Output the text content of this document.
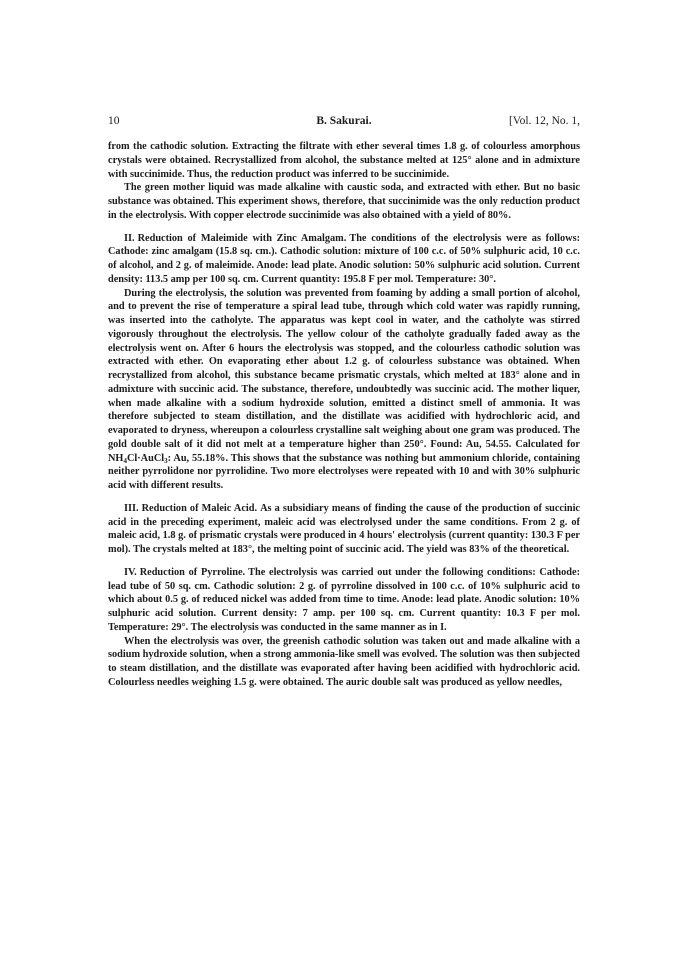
10	B. Sakurai.	[Vol. 12, No. 1,

from the cathodic solution. Extracting the filtrate with ether several times 1.8 g. of colourless amorphous crystals were obtained. Recrystallized from alcohol, the substance melted at 125° alone and in admixture with succinimide. Thus, the reduction product was inferred to be succinimide.

The green mother liquid was made alkaline with caustic soda, and extracted with ether. But no basic substance was obtained. This experiment shows, therefore, that succinimide was the only reduction product in the electrolysis. With copper electrode succinimide was also obtained with a yield of 80%.

II. Reduction of Maleimide with Zinc Amalgam. The conditions of the electrolysis were as follows: Cathode: zinc amalgam (15.8 sq. cm.). Cathodic solution: mixture of 100 c.c. of 50% sulphuric acid, 10 c.c. of alcohol, and 2 g. of maleimide. Anode: lead plate. Anodic solution: 50% sulphuric acid solution. Current density: 113.5 amp per 100 sq. cm. Current quantity: 195.8 F per mol. Temperature: 30°.

During the electrolysis, the solution was prevented from foaming by adding a small portion of alcohol, and to prevent the rise of temperature a spiral lead tube, through which cold water was rapidly running, was inserted into the catholyte. The apparatus was kept cool in water, and the catholyte was stirred vigorously throughout the electrolysis. The yellow colour of the catholyte gradually faded away as the electrolysis went on. After 6 hours the electrolysis was stopped, and the colourless cathodic solution was extracted with ether. On evaporating ether about 1.2 g. of colourless substance was obtained. When recrystallized from alcohol, this substance became prismatic crystals, which melted at 183° alone and in admixture with succinic acid. The substance, therefore, undoubtedly was succinic acid. The mother liquer, when made alkaline with a sodium hydroxide solution, emitted a distinct smell of ammonia. It was therefore subjected to steam distillation, and the distillate was acidified with hydrochloric acid, and evaporated to dryness, whereupon a colourless crystalline salt weighing about one gram was produced. The gold double salt of it did not melt at a temperature higher than 250°. Found: Au, 54.55. Calculated for $NH_4Cl\cdot AuCl_3$: Au, 55.18%. This shows that the substance was nothing but ammonium chloride, containing neither pyrrolidone nor pyrrolidine. Two more electrolyses were repeated with 10 and with 30% sulphuric acid with different results.

III. Reduction of Maleic Acid. As a subsidiary means of finding the cause of the production of succinic acid in the preceding experiment, maleic acid was electrolysed under the same conditions. From 2 g. of maleic acid, 1.8 g. of prismatic crystals were produced in 4 hours' electrolysis (current quantity: 130.3 F per mol). The crystals melted at 183°, the melting point of succinic acid. The yield was 83% of the theoretical.

IV. Reduction of Pyrroline. The electrolysis was carried out under the following conditions: Cathode: lead tube of 50 sq. cm. Cathodic solution: 2 g. of pyrroline dissolved in 100 c.c. of 10% sulphuric acid to which about 0.5 g. of reduced nickel was added from time to time. Anode: lead plate. Anodic solution: 10% sulphuric acid solution. Current density: 7 amp. per 100 sq. cm. Current quantity: 10.3 F per mol. Temperature: 29°. The electrolysis was conducted in the same manner as in I.

When the electrolysis was over, the greenish cathodic solution was taken out and made alkaline with a sodium hydroxide solution, when a strong ammonia-like smell was evolved. The solution was then subjected to steam distillation, and the distillate was evaporated after having been acidified with hydrochloric acid. Colourless needles weighing 1.5 g. were obtained. The auric double salt was produced as yellow needles,
